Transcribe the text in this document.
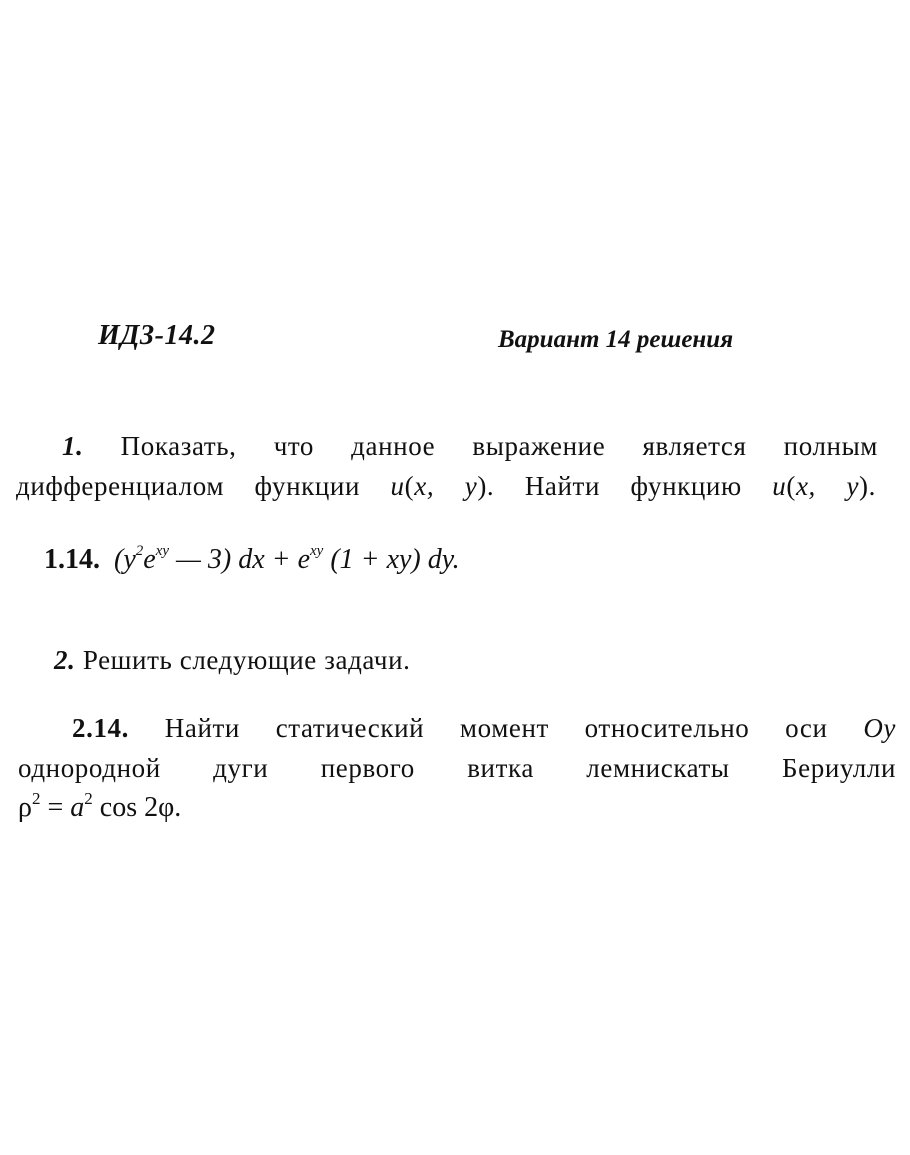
ИДЗ-14.2	Вариант 14 решения
1. Показать, что данное выражение является полным
дифференциалом функции u(x, y). Найти функцию u(x, y).
1.14. ($y^2e^{xy}$ — 3) dx + $e^{xy}$ (1 + xy) dy.
2. Решить следующие задачи.
2.14. Найти статический момент относительно оси Oy
однородной дуги первого витка лемнискаты Бериулли
$\rho^2 = a^2$ cos 2φ.
